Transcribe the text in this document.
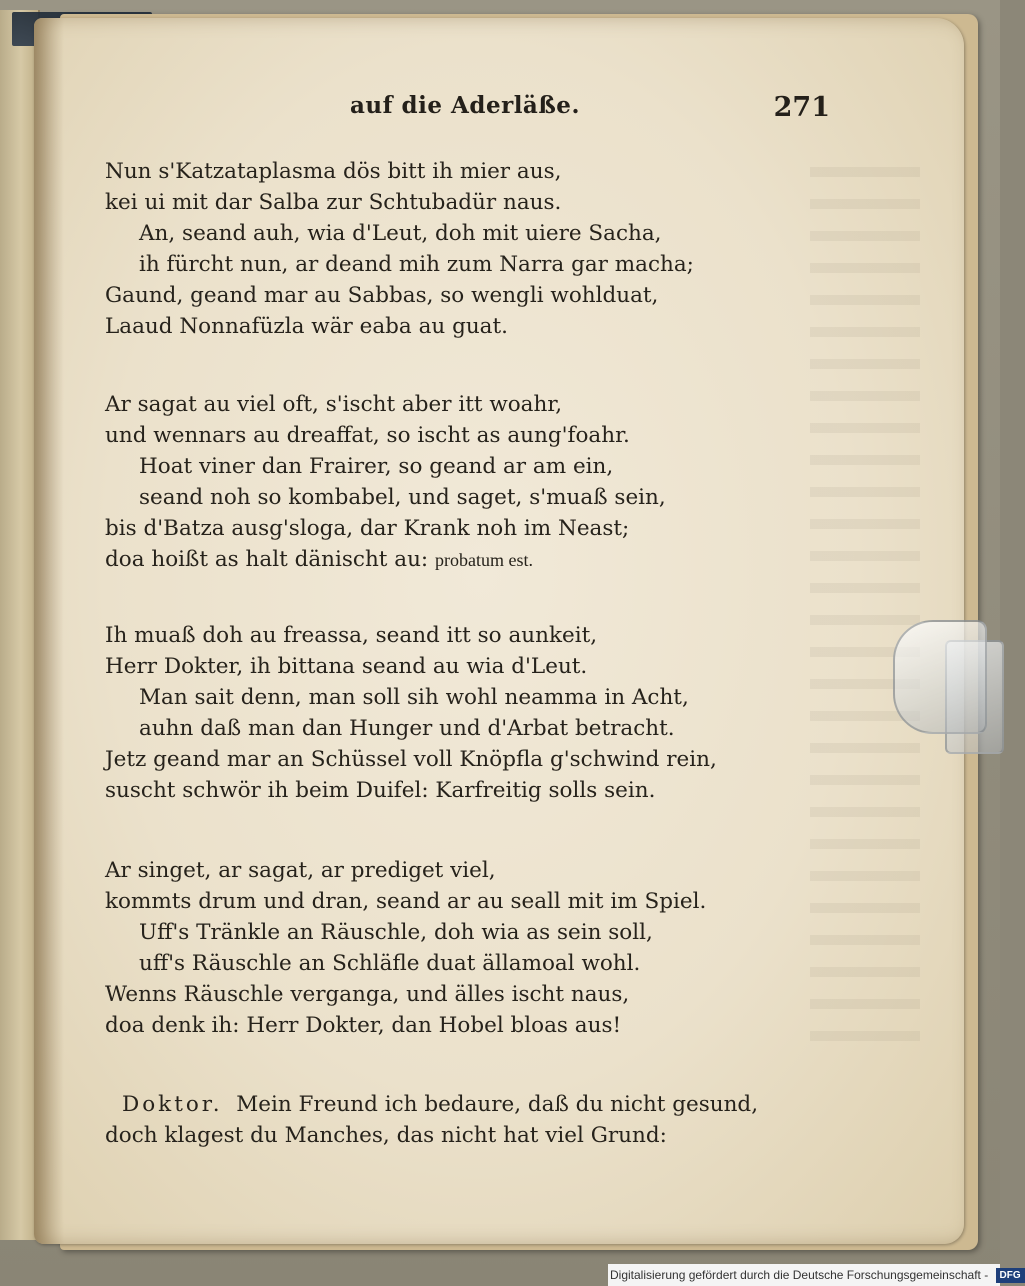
auf die Aderläße.	271
Nun s'Katzataplasma dös bitt ih mier aus,
kei ui mit dar Salba zur Schtubadür naus.
An, seand auh, wia d'Leut, doh mit uiere Sacha,
ih fürcht nun, ar deand mih zum Narra gar macha;
Gaund, geand mar au Sabbas, so wengli wohlduat,
Laaud Nonnafüzla wär eaba au guat.
Ar sagat au viel oft, s'ischt aber itt woahr,
und wennars au dreaffat, so ischt as aung'foahr.
Hoat viner dan Frairer, so geand ar am ein,
seand noh so kombabel, und saget, s'muaß sein,
bis d'Batza ausg'sloga, dar Krank noh im Neast;
doa hoißt as halt dänischt au: probatum est.
Ih muaß doh au freassa, seand itt so aunkeit,
Herr Dokter, ih bittana seand au wia d'Leut.
Man sait denn, man soll sih wohl neamma in Acht,
auhn daß man dan Hunger und d'Arbat betracht.
Jetz geand mar an Schüssel voll Knöpfla g'schwind rein,
suscht schwör ih beim Duifel: Karfreitig solls sein.
Ar singet, ar sagat, ar prediget viel,
kommts drum und dran, seand ar au seall mit im Spiel.
Uff's Tränkle an Räuschle, doh wia as sein soll,
uff's Räuschle an Schläfle duat ällamoal wohl.
Wenns Räuschle verganga, und älles ischt naus,
doa denk ih: Herr Dokter, dan Hobel bloas aus!
Doktor. Mein Freund ich bedaure, daß du nicht gesund,
doch klagest du Manches, das nicht hat viel Grund:
Digitalisierung gefördert durch die Deutsche Forschungsgemeinschaft - DFG
